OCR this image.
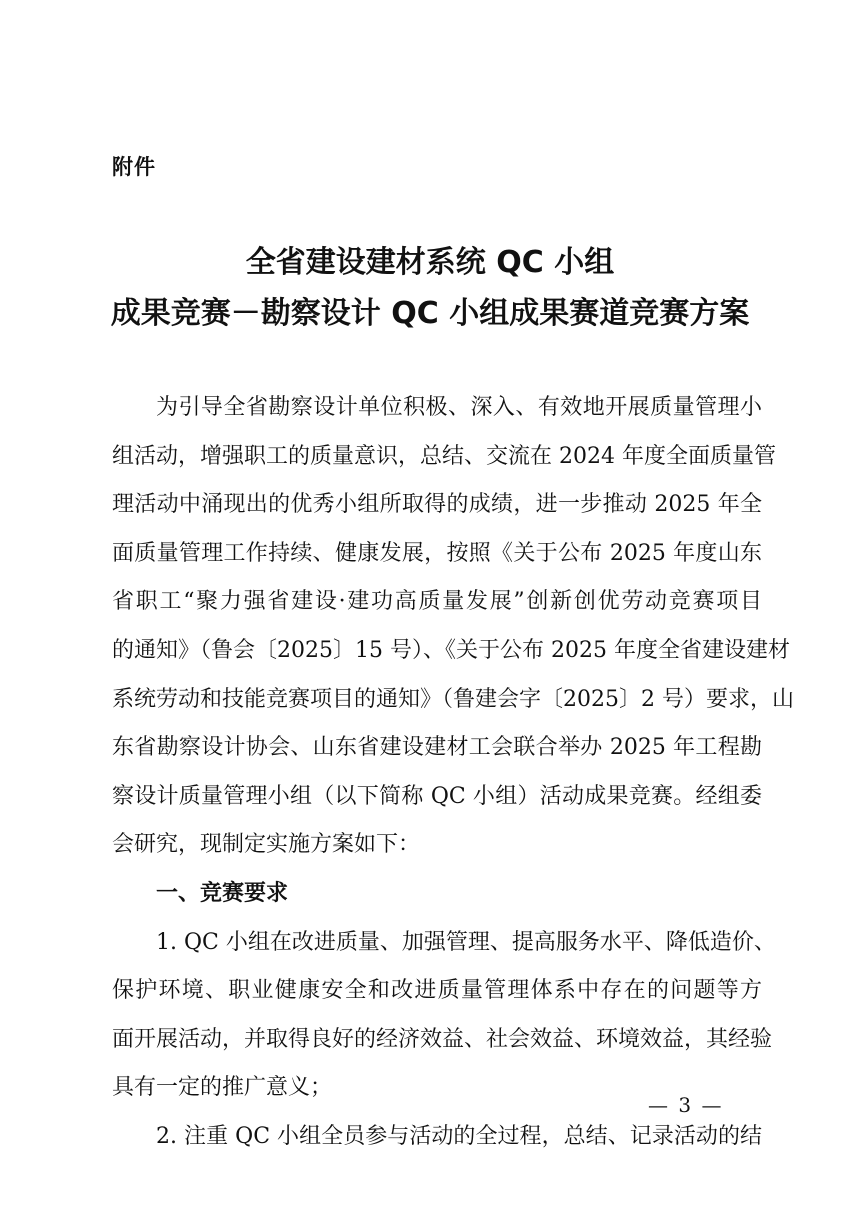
附件
全省建设建材系统 QC 小组
成果竞赛－勘察设计 QC 小组成果赛道竞赛方案
为引导全省勘察设计单位积极、深入、有效地开展质量管理小
组活动，增强职工的质量意识，总结、交流在 2024 年度全面质量管
理活动中涌现出的优秀小组所取得的成绩，进一步推动 2025 年全
面质量管理工作持续、健康发展，按照《关于公布 2025 年度山东
省职工“聚力强省建设·建功高质量发展”创新创优劳动竞赛项目
的通知》（鲁会〔2025〕15 号）、《关于公布 2025 年度全省建设建材
系统劳动和技能竞赛项目的通知》（鲁建会字〔2025〕2 号）要求，山
东省勘察设计协会、山东省建设建材工会联合举办 2025 年工程勘
察设计质量管理小组（以下简称 QC 小组）活动成果竞赛。经组委
会研究，现制定实施方案如下：
一、竞赛要求
1. QC 小组在改进质量、加强管理、提高服务水平、降低造价、
保护环境、职业健康安全和改进质量管理体系中存在的问题等方
面开展活动，并取得良好的经济效益、社会效益、环境效益，其经验
具有一定的推广意义；
2. 注重 QC 小组全员参与活动的全过程，总结、记录活动的结
— 3 —
